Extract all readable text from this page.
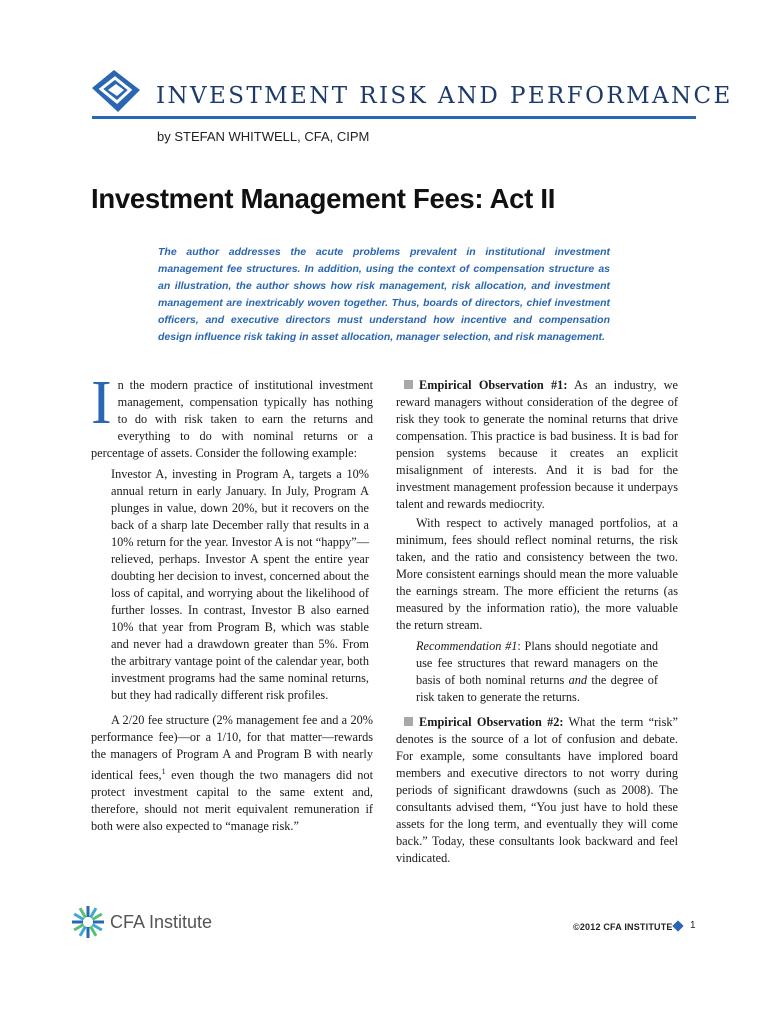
INVESTMENT RISK AND PERFORMANCE
by STEFAN WHITWELL, CFA, CIPM
Investment Management Fees: Act II

The author addresses the acute problems prevalent in institutional investment management fee structures. In addition, using the context of compensation structure as an illustration, the author shows how risk management, risk allocation, and investment management are inextricably woven together. Thus, boards of directors, chief investment officers, and executive directors must understand how incentive and compensation design influence risk taking in asset allocation, manager selection, and risk management.

In the modern practice of institutional investment management, compensation typically has nothing to do with risk taken to earn the returns and everything to do with nominal returns or a percentage of assets. Consider the following example:

Investor A, investing in Program A, targets a 10% annual return in early January. In July, Program A plunges in value, down 20%, but it recovers on the back of a sharp late December rally that results in a 10% return for the year. Investor A is not “happy”—relieved, perhaps. Investor A spent the entire year doubting her decision to invest, concerned about the loss of capital, and worrying about the likelihood of further losses. In contrast, Investor B also earned 10% that year from Program B, which was stable and never had a drawdown greater than 5%. From the arbitrary vantage point of the calendar year, both investment programs had the same nominal returns, but they had radically different risk profiles.

A 2/20 fee structure (2% management fee and a 20% performance fee)—or a 1/10, for that matter—rewards the managers of Program A and Program B with nearly identical fees,$^1$ even though the two managers did not protect investment capital to the same extent and, therefore, should not merit equivalent remuneration if both were also expected to “manage risk.”

Empirical Observation #1: As an industry, we reward managers without consideration of the degree of risk they took to generate the nominal returns that drive compensation. This practice is bad business. It is bad for pension systems because it creates an explicit misalignment of interests. And it is bad for the investment management profession because it underpays talent and rewards mediocrity.

With respect to actively managed portfolios, at a minimum, fees should reflect nominal returns, the risk taken, and the ratio and consistency between the two. More consistent earnings should mean the more valuable the earnings stream. The more efficient the returns (as measured by the information ratio), the more valuable the return stream.

Recommendation #1: Plans should negotiate and use fee structures that reward managers on the basis of both nominal returns and the degree of risk taken to generate the returns.

Empirical Observation #2: What the term “risk” denotes is the source of a lot of confusion and debate. For example, some consultants have implored board members and executive directors to not worry during periods of significant drawdowns (such as 2008). The consultants advised them, “You just have to hold these assets for the long term, and eventually they will come back.” Today, these consultants look backward and feel vindicated.

CFA Institute	©2012 CFA INSTITUTE 1
